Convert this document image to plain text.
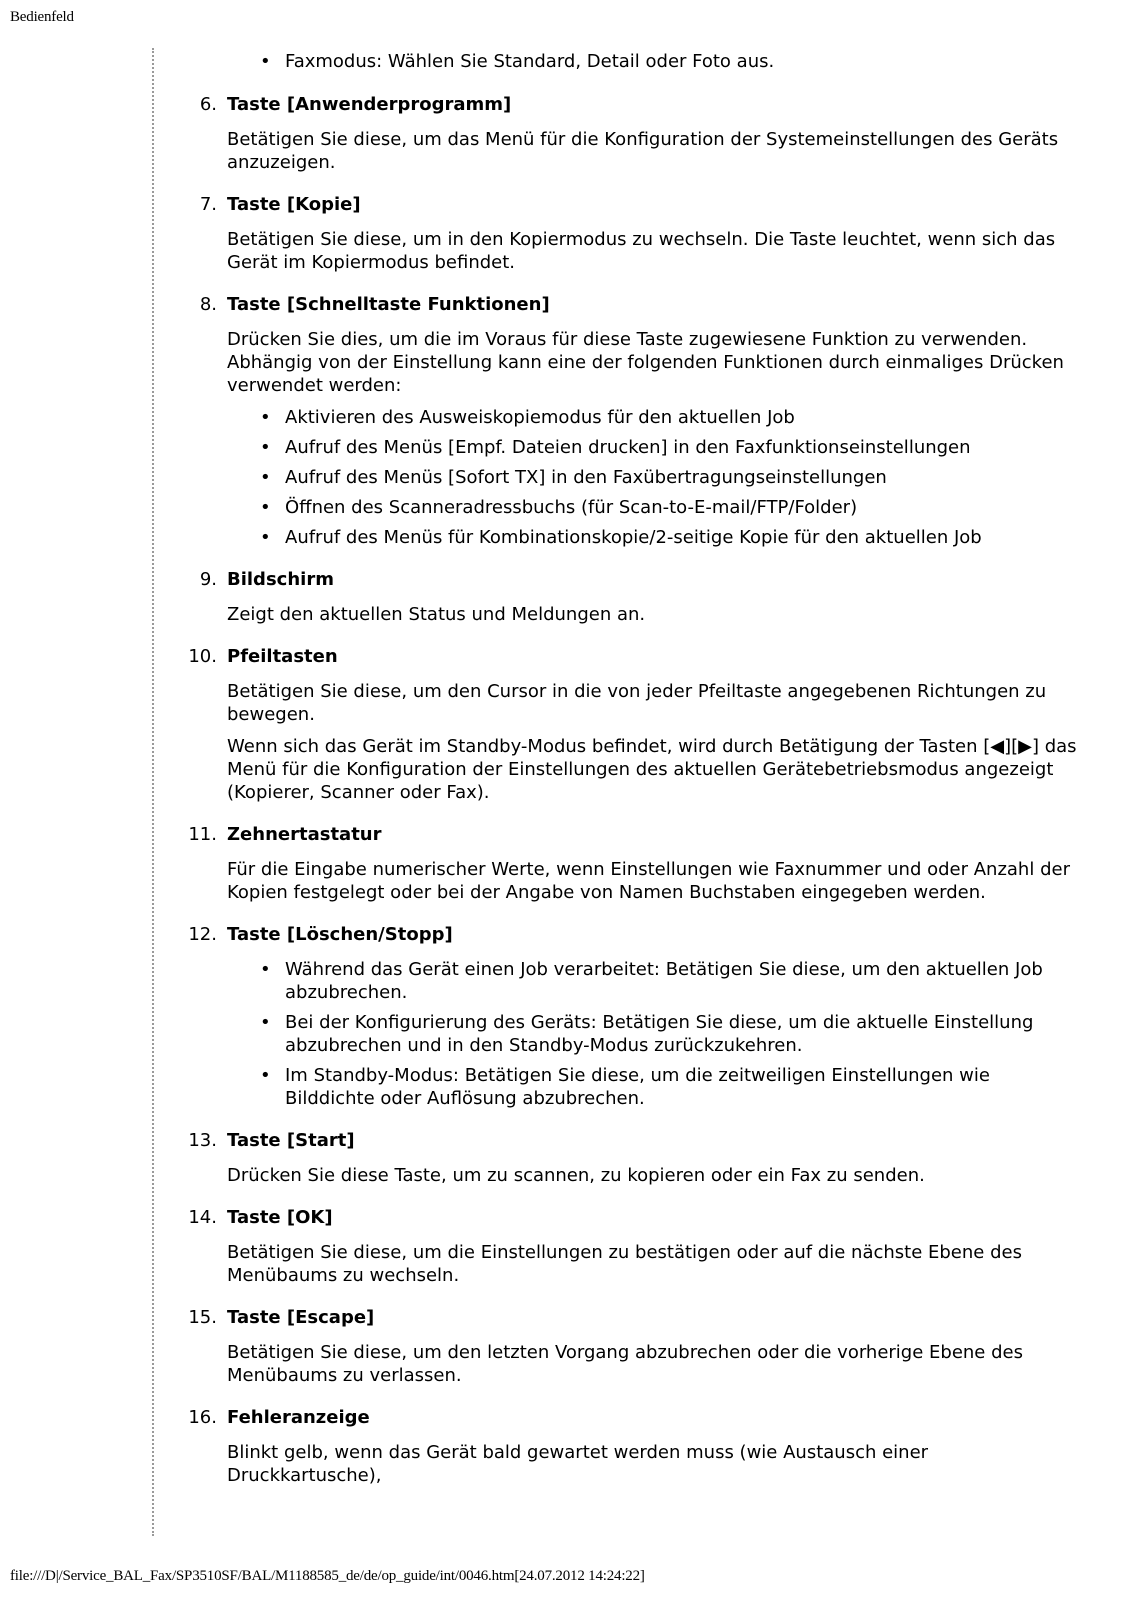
Bedienfeld
• Faxmodus: Wählen Sie Standard, Detail oder Foto aus.
6. Taste [Anwenderprogramm]

Betätigen Sie diese, um das Menü für die Konfiguration der Systemeinstellungen des Geräts anzuzeigen.

7. Taste [Kopie]

Betätigen Sie diese, um in den Kopiermodus zu wechseln. Die Taste leuchtet, wenn sich das Gerät im Kopiermodus befindet.

8. Taste [Schnelltaste Funktionen]

Drücken Sie dies, um die im Voraus für diese Taste zugewiesene Funktion zu verwenden. Abhängig von der Einstellung kann eine der folgenden Funktionen durch einmaliges Drücken verwendet werden:

• Aktivieren des Ausweiskopiemodus für den aktuellen Job
• Aufruf des Menüs [Empf. Dateien drucken] in den Faxfunktionseinstellungen
• Aufruf des Menüs [Sofort TX] in den Faxübertragungseinstellungen
• Öffnen des Scanneradressbuchs (für Scan-to-E-mail/FTP/Folder)
• Aufruf des Menüs für Kombinationskopie/2-seitige Kopie für den aktuellen Job
9. Bildschirm

Zeigt den aktuellen Status und Meldungen an.

10. Pfeiltasten

Betätigen Sie diese, um den Cursor in die von jeder Pfeiltaste angegebenen Richtungen zu bewegen.

Wenn sich das Gerät im Standby-Modus befindet, wird durch Betätigung der Tasten [◀][▶] das Menü für die Konfiguration der Einstellungen des aktuellen Gerätebetriebsmodus angezeigt (Kopierer, Scanner oder Fax).

11. Zehnertastatur

Für die Eingabe numerischer Werte, wenn Einstellungen wie Faxnummer und oder Anzahl der Kopien festgelegt oder bei der Angabe von Namen Buchstaben eingegeben werden.

12. Taste [Löschen/Stopp]
• Während das Gerät einen Job verarbeitet: Betätigen Sie diese, um den aktuellen Job abzubrechen.
• Bei der Konfigurierung des Geräts: Betätigen Sie diese, um die aktuelle Einstellung abzubrechen und in den Standby-Modus zurückzukehren.
• Im Standby-Modus: Betätigen Sie diese, um die zeitweiligen Einstellungen wie Bilddichte oder Auflösung abzubrechen.
13. Taste [Start]

Drücken Sie diese Taste, um zu scannen, zu kopieren oder ein Fax zu senden.

14. Taste [OK]

Betätigen Sie diese, um die Einstellungen zu bestätigen oder auf die nächste Ebene des Menübaums zu wechseln.

15. Taste [Escape]

Betätigen Sie diese, um den letzten Vorgang abzubrechen oder die vorherige Ebene des Menübaums zu verlassen.

16. Fehleranzeige

Blinkt gelb, wenn das Gerät bald gewartet werden muss (wie Austausch einer Druckkartusche),

file:///D|/Service_BAL_Fax/SP3510SF/BAL/M1188585_de/de/op_guide/int/0046.htm[24.07.2012 14:24:22]
